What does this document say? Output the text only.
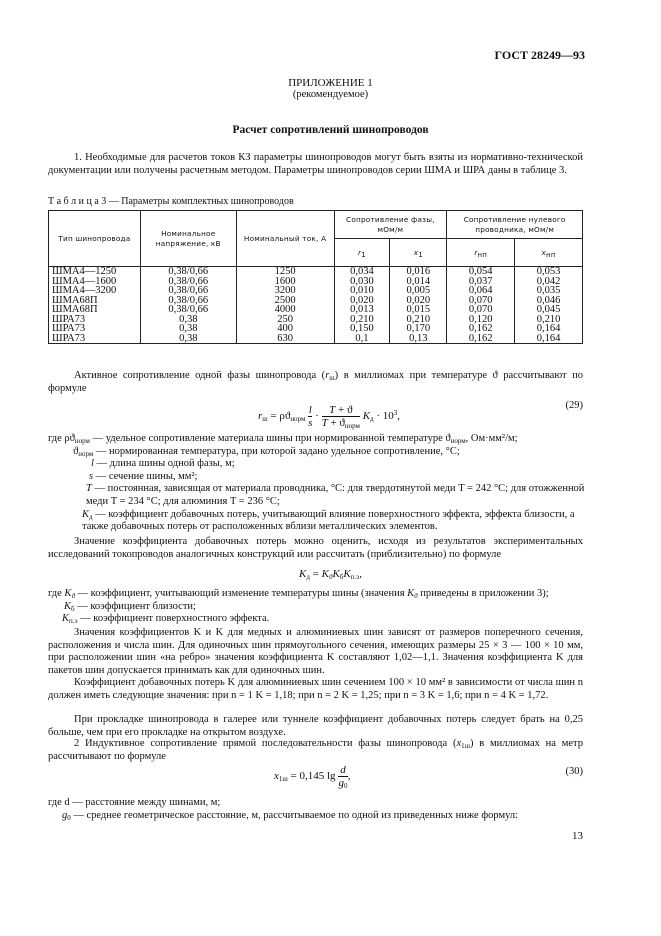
ГОСТ 28249—93
ПРИЛОЖЕНИЕ 1
(рекомендуемое)
Расчет сопротивлений шинопроводов
1. Необходимые для расчетов токов КЗ параметры шинопроводов могут быть взяты из нормативно-технической документации или получены расчетным методом. Параметры шинопроводов серии ШМА и ШРА даны в таблице 3.
Т а б л и ц а 3 — Параметры комплектных шинопроводов
Тип шинопровода	Номинальное напряжение, кВ	Номинальный ток, А	Сопротивление фазы, мОм/м		Сопротивление нулевого проводника, мОм/м	
			$r_1$	$x_1$	$r_{нп}$	$x_{нп}$
ШМА4—1250	0,38/0,66	1250	0,034	0,016	0,054	0,053
ШМА4—1600	0,38/0,66	1600	0,030	0,014	0,037	0,042
ШМА4—3200	0,38/0,66	3200	0,010	0,005	0,064	0,035
ШМА68П	0,38/0,66	2500	0,020	0,020	0,070	0,046
ШМА68П	0,38/0,66	4000	0,013	0,015	0,070	0,045
ШРА73	0,38	250	0,210	0,210	0,120	0,210
ШРА73	0,38	400	0,150	0,170	0,162	0,164
ШРА73	0,38	630	0,1	0,13	0,162	0,164
Активное сопротивление одной фазы шинопровода $(r_ш)$ в миллиомах при температуре ϑ рассчитывают по формуле
$r_ш = \rho ϑ_{норм} \frac{l}{s}$ ·
T + ϑ
$T + ϑ_{норм}$
$K_д \cdot 10^3$,
(29)
где $\rho ϑ_{норм}$ — удельное сопротивление материала шины при нормированной температуре $ϑ_{норм}$, Ом·мм²/м;
$ϑ_{норм}$ — нормированная температура, при которой задано удельное сопротивление, °С;
l — длина шины одной фазы, м;
s — сечение шины, мм²;
T — постоянная, зависящая от материала проводника, °С: для твердотянутой меди T = 242 °С; для отожженной меди T = 234 °С; для алюминия T = 236 °С;
$K_д$ — коэффициент добавочных потерь, учитывающий влияние поверхностного эффекта, эффекта близости, а также добавочных потерь от расположенных вблизи металлических элементов.
Значение коэффициента добавочных потерь можно оценить, исходя из результатов экспериментальных исследований токопроводов аналогичных конструкций или рассчитать (приблизительно) по формуле
$K_д = K_ϑK_бK_{п.э}$,
где $K_ϑ$ — коэффициент, учитывающий изменение температуры шины (значения $K_ϑ$ приведены в приложении 3);
$K_б$ — коэффициент близости;
$K_{п.э}$ — коэффициент поверхностного эффекта.
Значения коэффициентов K и K для медных и алюминиевых шин зависят от размеров поперечного сечения, расположения и числа шин. Для одиночных шин прямоугольного сечения, имеющих размеры 25 × 3 — 100 × 10 мм, при расположении шин «на ребро» значения коэффициента K составляют 1,02—1,1. Значения коэффициента K для пакетов шин допускается принимать как для одиночных шин.
Коэффициент добавочных потерь K для алюминиевых шин сечением 100 × 10 мм² в зависимости от числа шин n должен иметь следующие значения: при n = 1 K = 1,18; при n = 2 K = 1,25; при n = 3 K = 1,6; при n = 4 K = 1,72.
При прокладке шинопровода в галерее или туннеле коэффициент добавочных потерь следует брать на 0,25 больше, чем при его прокладке на открытом воздухе.
2 Индуктивное сопротивление прямой последовательности фазы шинопровода $(x_{1ш})$ в миллиомах на метр рассчитывают по формуле
$x_{1ш} = 0,145$ $\lg \frac{d}{g_0}$ ,	(30)
где d — расстояние между шинами, м;
$g_0$ — среднее геометрическое расстояние, м, рассчитываемое по одной из приведенных ниже формул:
13
